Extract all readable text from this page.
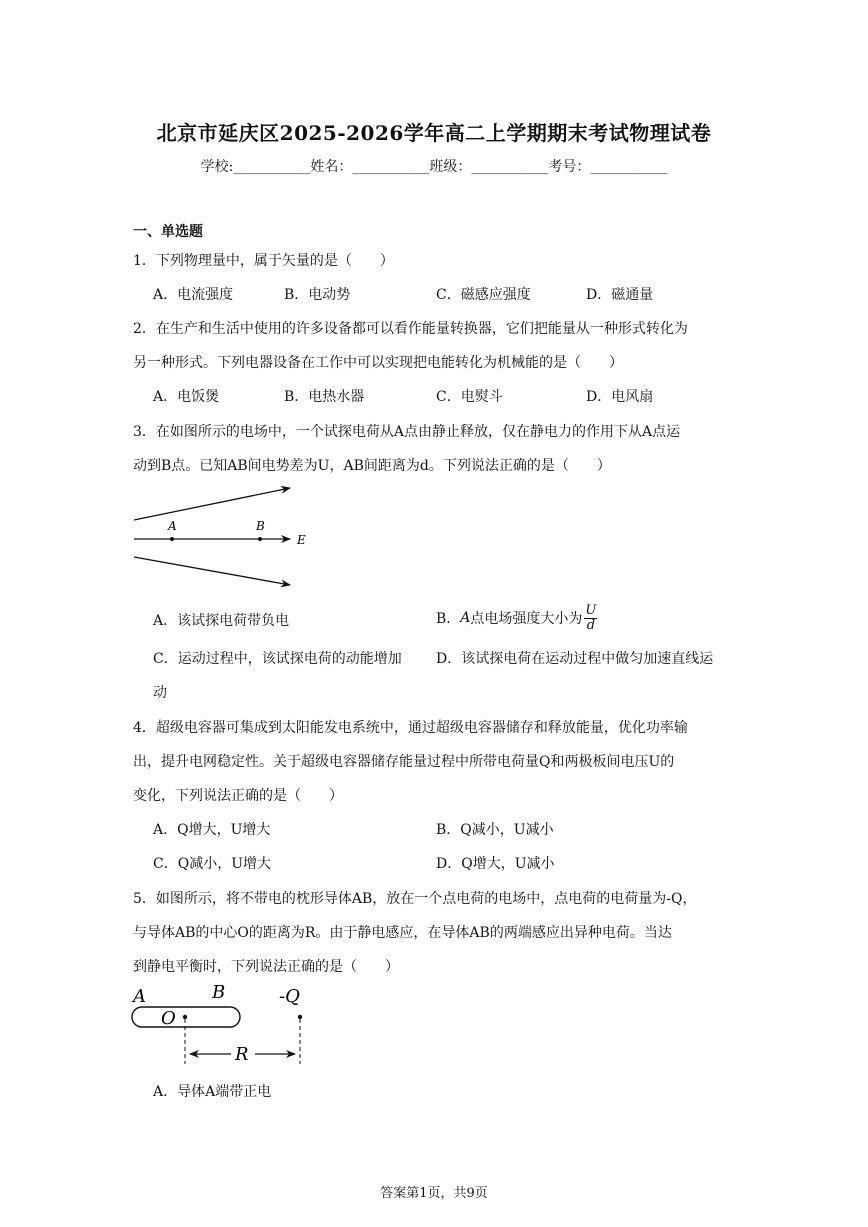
北京市延庆区2025-2026学年高二上学期期末考试物理试卷
学校:___________姓名：___________班级：___________考号：___________
一、单选题
1．下列物理量中，属于矢量的是（　　）
A．电流强度	B．电动势	C．磁感应强度	D．磁通量
2．在生产和生活中使用的许多设备都可以看作能量转换器，它们把能量从一种形式转化为
另一种形式。下列电器设备在工作中可以实现把电能转化为机械能的是（　　）
A．电饭煲	B．电热水器	C．电熨斗	D．电风扇
3．在如图所示的电场中，一个试探电荷从A点由静止释放，仅在静电力的作用下从A点运
动到B点。已知AB间电势差为U，AB间距离为d。下列说法正确的是（　　）
A	B
E
A．该试探电荷带负电	B． A 点电场强度大小为 $\frac{U}{d}$
C．运动过程中，该试探电荷的动能增加 D．该试探电荷在运动过程中做匀加速直线运
动
4．超级电容器可集成到太阳能发电系统中，通过超级电容器储存和释放能量，优化功率输
出，提升电网稳定性。关于超级电容器储存能量过程中所带电荷量Q和两极板间电压U的
变化，下列说法正确的是（　　）
A．Q增大，U增大	B．Q减小，U减小
C．Q减小，U增大	D．Q增大，U减小
5．如图所示，将不带电的枕形导体AB，放在一个点电荷的电场中，点电荷的电荷量为-Q，
与导体AB的中心O的距离为R。由于静电感应，在导体AB的两端感应出异种电荷。当达
到静电平衡时，下列说法正确的是（　　）
A	B
O
-Q
R
A．导体A端带正电
答案第1页，共9页
